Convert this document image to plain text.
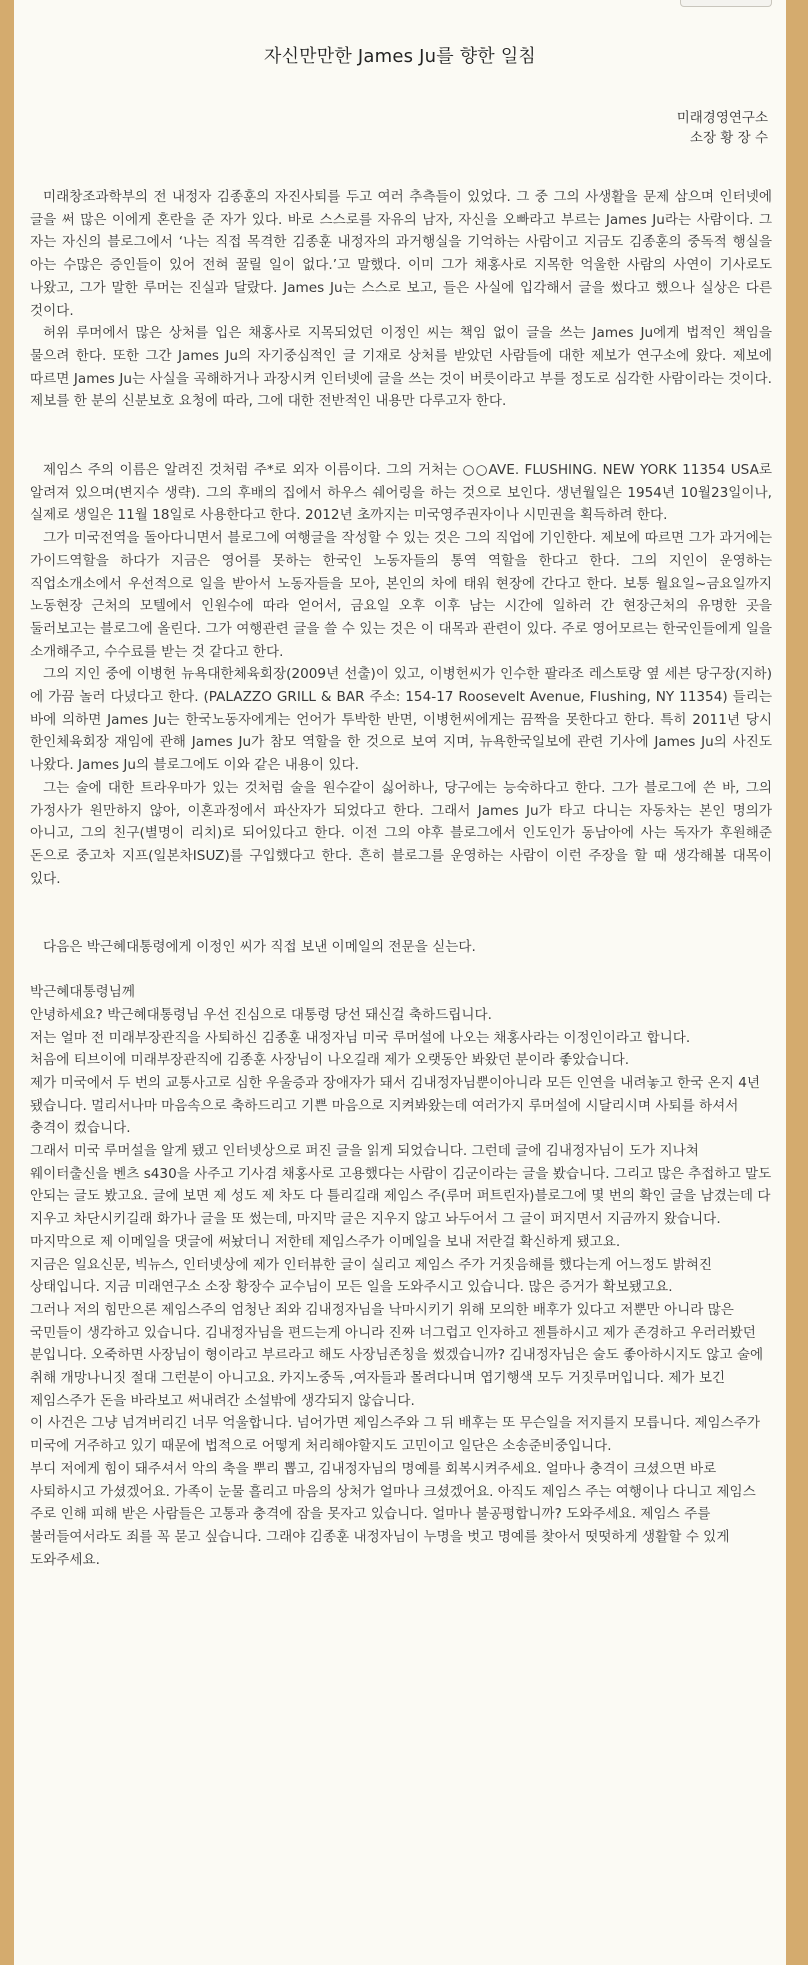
자신만만한 James Ju를 향한 일침
미래경영연구소
소장 황 장 수

미래창조과학부의 전 내정자 김종훈의 자진사퇴를 두고 여러 추측들이 있었다. 그 중 그의 사생활을 문제 삼으며 인터넷에 글을 써 많은 이에게 혼란을 준 자가 있다. 바로 스스로를 자유의 남자, 자신을 오빠라고 부르는 James Ju라는 사람이다. 그 자는 자신의 블로그에서 ‘나는 직접 목격한 김종훈 내정자의 과거행실을 기억하는 사람이고 지금도 김종훈의 중독적 행실을 아는 수많은 증인들이 있어 전혀 꿀릴 일이 없다.’고 말했다. 이미 그가 채홍사로 지목한 억울한 사람의 사연이 기사로도 나왔고, 그가 말한 루머는 진실과 달랐다. James Ju는 스스로 보고, 들은 사실에 입각해서 글을 썼다고 했으나 실상은 다른 것이다.

허위 루머에서 많은 상처를 입은 채홍사로 지목되었던 이정인 씨는 책임 없이 글을 쓰는 James Ju에게 법적인 책임을 물으려 한다. 또한 그간 James Ju의 자기중심적인 글 기재로 상처를 받았던 사람들에 대한 제보가 연구소에 왔다. 제보에 따르면 James Ju는 사실을 곡해하거나 과장시켜 인터넷에 글을 쓰는 것이 버릇이라고 부를 정도로 심각한 사람이라는 것이다. 제보를 한 분의 신분보호 요청에 따라, 그에 대한 전반적인 내용만 다루고자 한다.

제임스 주의 이름은 알려진 것처럼 주*로 외자 이름이다. 그의 거처는 ○○AVE. FLUSHING. NEW YORK 11354 USA로 알려져 있으며(변지수 생략). 그의 후배의 집에서 하우스 쉐어링을 하는 것으로 보인다. 생년월일은 1954년 10월23일이나, 실제로 생일은 11월 18일로 사용한다고 한다. 2012년 초까지는 미국영주권자이나 시민권을 획득하려 한다.

그가 미국전역을 돌아다니면서 블로그에 여행글을 작성할 수 있는 것은 그의 직업에 기인한다. 제보에 따르면 그가 과거에는 가이드역할을 하다가 지금은 영어를 못하는 한국인 노동자들의 통역 역할을 한다고 한다. 그의 지인이 운영하는 직업소개소에서 우선적으로 일을 받아서 노동자들을 모아, 본인의 차에 태워 현장에 간다고 한다. 보통 월요일~금요일까지 노동현장 근처의 모텔에서 인원수에 따라 얻어서, 금요일 오후 이후 남는 시간에 일하러 간 현장근처의 유명한 곳을 둘러보고는 블로그에 올린다. 그가 여행관련 글을 쓸 수 있는 것은 이 대목과 관련이 있다. 주로 영어모르는 한국인들에게 일을 소개해주고, 수수료를 받는 것 같다고 한다.

그의 지인 중에 이병헌 뉴욕대한체육회장(2009년 선출)이 있고, 이병헌씨가 인수한 팔라조 레스토랑 옆 세븐 당구장(지하)에 가끔 놀러 다녔다고 한다. (PALAZZO GRILL & BAR 주소: 154-17 Roosevelt Avenue, Flushing, NY 11354) 들리는 바에 의하면 James Ju는 한국노동자에게는 언어가 투박한 반면, 이병헌씨에게는 끔짝을 못한다고 한다. 특히 2011년 당시 한인체육회장 재임에 관해 James Ju가 참모 역할을 한 것으로 보여 지며, 뉴욕한국일보에 관련 기사에 James Ju의 사진도 나왔다. James Ju의 블로그에도 이와 같은 내용이 있다.

그는 술에 대한 트라우마가 있는 것처럼 술을 원수같이 싫어하나, 당구에는 능숙하다고 한다. 그가 블로그에 쓴 바, 그의 가정사가 원만하지 않아, 이혼과정에서 파산자가 되었다고 한다. 그래서 James Ju가 타고 다니는 자동차는 본인 명의가 아니고, 그의 친구(별명이 리치)로 되어있다고 한다. 이전 그의 야후 블로그에서 인도인가 동남아에 사는 독자가 후원해준 돈으로 중고차 지프(일본차ISUZ)를 구입했다고 한다. 흔히 블로그를 운영하는 사람이 이런 주장을 할 때 생각해볼 대목이 있다.

다음은 박근혜대통령에게 이정인 씨가 직접 보낸 이메일의 전문을 싣는다.

박근혜대통령님께

안녕하세요? 박근혜대통령님 우선 진심으로 대통령 당선 돼신걸 축하드립니다.

저는 얼마 전 미래부장관직을 사퇴하신 김종훈 내정자님 미국 루머설에 나오는 채홍사라는 이정인이라고 합니다.

처음에 티브이에 미래부장관직에 김종훈 사장님이 나오길래 제가 오랫동안 봐왔던 분이라 좋았습니다.

제가 미국에서 두 번의 교통사고로 심한 우울증과 장애자가 돼서 김내정자님뿐이아니라 모든 인연을 내려놓고 한국 온지 4년 됐습니다. 멀리서나마 마음속으로 축하드리고 기쁜 마음으로 지켜봐왔는데 여러가지 루머설에 시달리시며 사퇴를 하셔서 충격이 컸습니다.

그래서 미국 루머설을 알게 됐고 인터넷상으로 퍼진 글을 읽게 되었습니다. 그런데 글에 김내정자님이 도가 지나쳐 웨이터출신을 벤츠 s430을 사주고 기사겸 채홍사로 고용했다는 사람이 김군이라는 글을 봤습니다. 그리고 많은 추접하고 말도 안되는 글도 봤고요. 글에 보면 제 성도 제 차도 다 틀리길래 제임스 주(루머 퍼트린자)블로그에 몇 번의 확인 글을 남겼는데 다 지우고 차단시키길래 화가나 글을 또 썼는데, 마지막 글은 지우지 않고 놔두어서 그 글이 퍼지면서 지금까지 왔습니다. 마지막으로 제 이메일을 댓글에 써놨더니 저한테 제임스주가 이메일을 보내 저란걸 확신하게 됐고요.

지금은 일요신문, 빅뉴스, 인터넷상에 제가 인터뷰한 글이 실리고 제임스 주가 거짓음해를 했다는게 어느정도 밝혀진 상태입니다. 지금 미래연구소 소장 황장수 교수님이 모든 일을 도와주시고 있습니다. 많은 증거가 확보됐고요.

그러나 저의 힘만으론 제임스주의 엄청난 죄와 김내정자님을 낙마시키기 위해 모의한 배후가 있다고 저뿐만 아니라 많은 국민들이 생각하고 있습니다. 김내정자님을 편드는게 아니라 진짜 너그럽고 인자하고 젠틀하시고 제가 존경하고 우러러봤던 분입니다. 오죽하면 사장님이 형이라고 부르라고 해도 사장님존칭을 썼겠습니까? 김내정자님은 술도 좋아하시지도 않고 술에 취해 개망나니짓 절대 그런분이 아니고요. 카지노중독 ,여자들과 몰려다니며 엽기행색 모두 거짓루머입니다. 제가 보긴 제임스주가 돈을 바라보고 써내려간 소설밖에 생각되지 않습니다.

이 사건은 그냥 넘겨버리긴 너무 억울합니다. 넘어가면 제임스주와 그 뒤 배후는 또 무슨일을 저지를지 모릅니다. 제임스주가 미국에 거주하고 있기 때문에 법적으로 어떻게 처리해야할지도 고민이고 일단은 소송준비중입니다.

부디 저에게 힘이 돼주셔서 악의 축을 뿌리 뽑고, 김내정자님의 명예를 회복시켜주세요. 얼마나 충격이 크셨으면 바로 사퇴하시고 가셨겠어요. 가족이 눈물 흘리고 마음의 상처가 얼마나 크셨겠어요. 아직도 제임스 주는 여행이나 다니고 제임스 주로 인해 피해 받은 사람들은 고통과 충격에 잠을 못자고 있습니다. 얼마나 불공평합니까? 도와주세요. 제임스 주를 불러들여서라도 죄를 꼭 묻고 싶습니다. 그래야 김종훈 내정자님이 누명을 벗고 명예를 찾아서 떳떳하게 생활할 수 있게 도와주세요.
